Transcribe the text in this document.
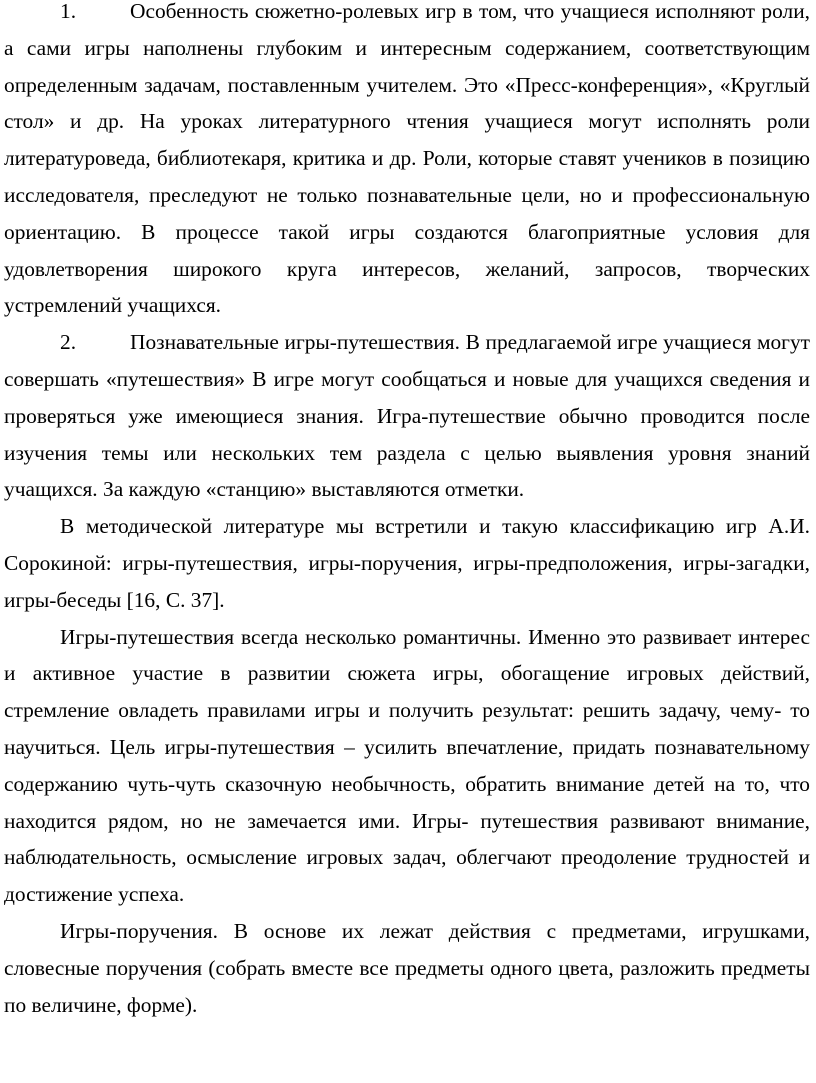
1.	Особенность сюжетно-ролевых игр в том, что учащиеся исполняют роли, а сами игры наполнены глубоким и интересным содержанием, соответствующим определенным задачам, поставленным учителем. Это «Пресс-конференция», «Круглый стол» и др. На уроках литературного чтения учащиеся могут исполнять роли литературоведа, библиотекаря, критика и др. Роли, которые ставят учеников в позицию исследователя, преследуют не только познавательные цели, но и профессиональную ориентацию. В процессе такой игры создаются благоприятные условия для удовлетворения широкого круга интересов, желаний, запросов, творческих устремлений учащихся.

2.	Познавательные игры-путешествия. В предлагаемой игре учащиеся могут совершать «путешествия» В игре могут сообщаться и новые для учащихся сведения и проверяться уже имеющиеся знания. Игра-путешествие обычно проводится после изучения темы или нескольких тем раздела с целью выявления уровня знаний учащихся. За каждую «станцию» выставляются отметки.

В методической литературе мы встретили и такую классификацию игр А.И. Сорокиной: игры-путешествия, игры-поручения, игры-предположения, игры-загадки, игры-беседы [16, С. 37].

Игры-путешествия всегда несколько романтичны. Именно это развивает интерес и активное участие в развитии сюжета игры, обогащение игровых действий, стремление овладеть правилами игры и получить результат: решить задачу, чему- то научиться. Цель игры-путешествия – усилить впечатление, придать познавательному содержанию чуть-чуть сказочную необычность, обратить внимание детей на то, что находится рядом, но не замечается ими. Игры- путешествия развивают внимание, наблюдательность, осмысление игровых задач, облегчают преодоление трудностей и достижение успеха.

Игры-поручения. В основе их лежат действия с предметами, игрушками, словесные поручения (собрать вместе все предметы одного цвета, разложить предметы по величине, форме).
